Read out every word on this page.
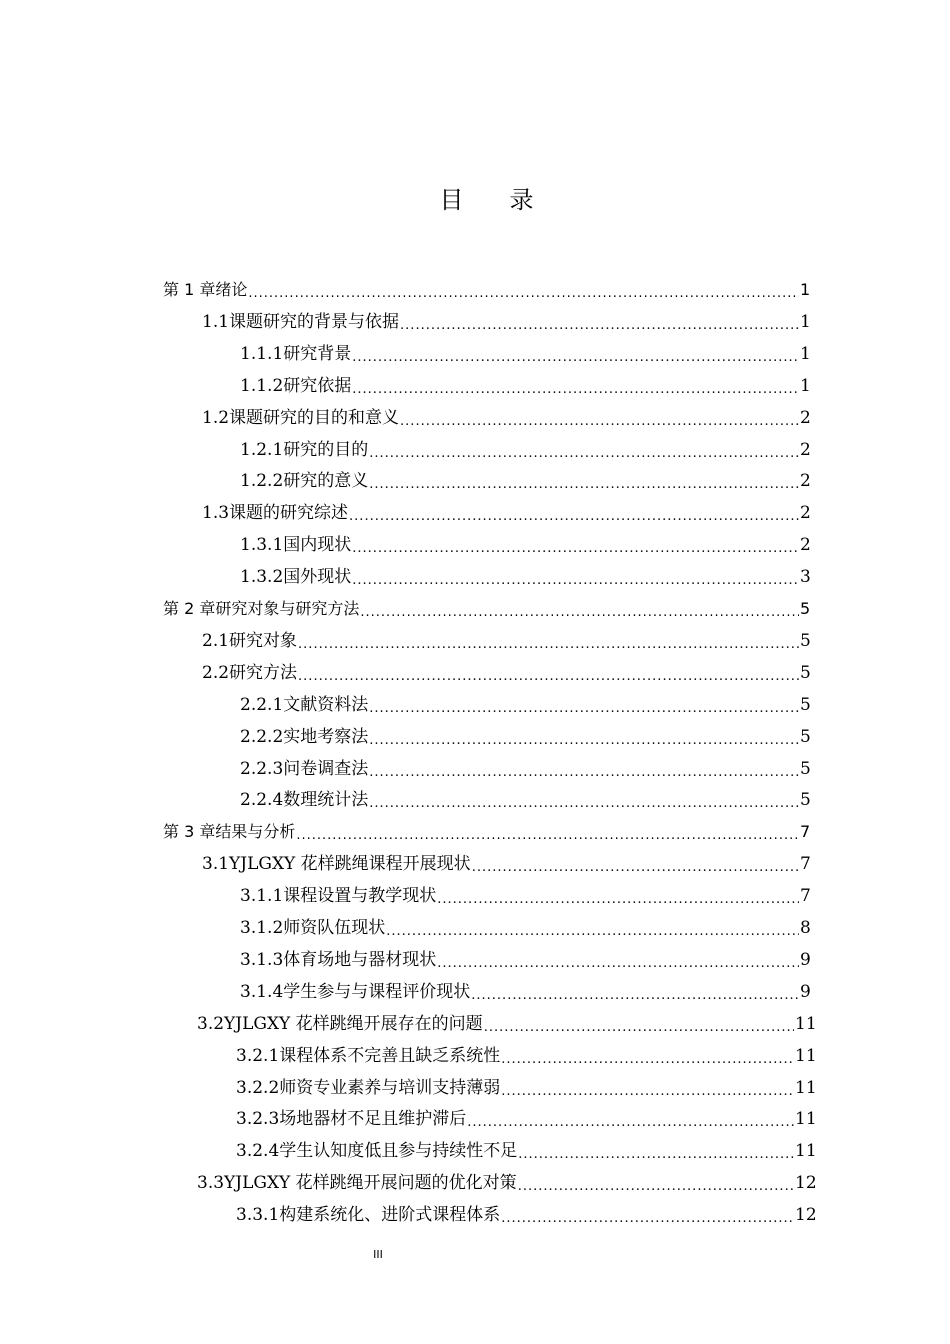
目 录
第 1 章 绪论 .....	1
1.1 课题研究的背景与依据 .....	1
1.1.1 研究背景 .....	1
1.1.2 研究依据 .....	1
1.2 课题研究的目的和意义 .....	2
1.2.1 研究的目的 .....	2
1.2.2 研究的意义 .....	2
1.3 课题的研究综述 .....	2
1.3.1 国内现状 .....	2
1.3.2 国外现状 .....	3
第 2 章 研究对象与研究方法 .....	5
2.1 研究对象 .....	5
2.2 研究方法 .....	5
2.2.1 文献资料法 .....	5
2.2.2 实地考察法 .....	5
2.2.3 问卷调查法 .....	5
2.2.4 数理统计法 .....	5
第 3 章 结果与分析 .....	7
3.1 YJLGXY 花样跳绳课程开展现状 .....	7
3.1.1 课程设置与教学现状 .....	7
3.1.2 师资队伍现状 .....	8
3.1.3 体育场地与器材现状 .....	9
3.1.4 学生参与与课程评价现状 .....	9
3.2 YJLGXY 花样跳绳开展存在的问题 .....	11
3.2.1 课程体系不完善且缺乏系统性 .....	11
3.2.2 师资专业素养与培训支持薄弱 .....	11
3.2.3 场地器材不足且维护滞后 .....	11
3.2.4 学生认知度低且参与持续性不足 .....	11
3.3 YJLGXY 花样跳绳开展问题的优化对策 .....	12
3.3.1 构建系统化、进阶式课程体系 .....	12
III
